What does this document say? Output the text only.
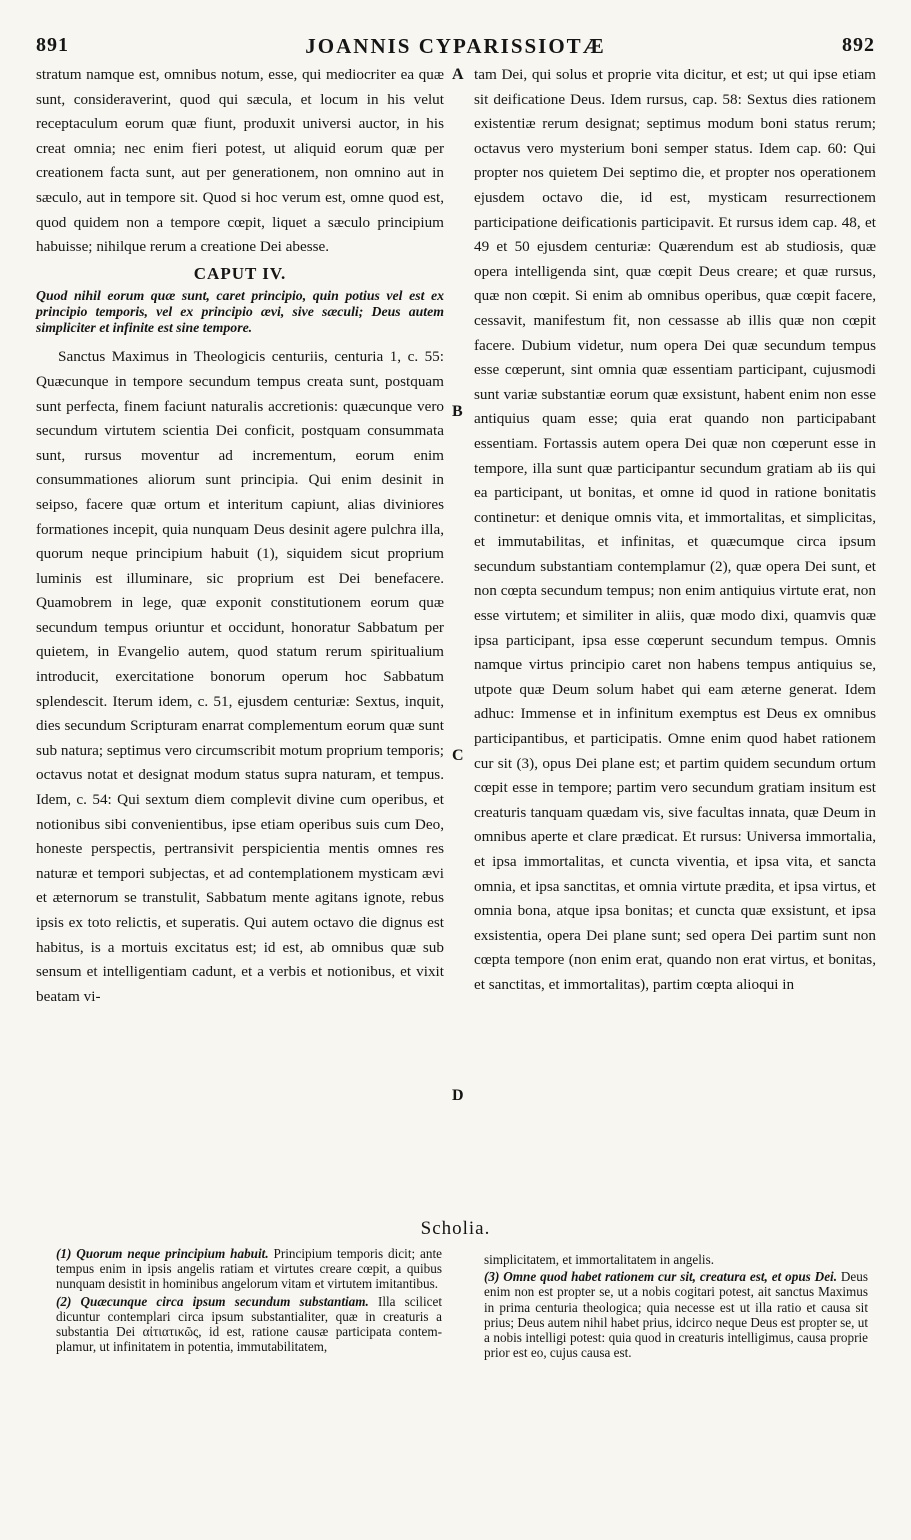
891	JOANNIS CYPARISSIOTÆ	892

stratum namque est, omnibus notum, esse, qui mediocriter ea quæ sunt, consideraverint, quod qui sæcula, et locum in his velut receptaculum eorum quæ fiunt, produxit universi auctor, in his creat omnia; nec enim fieri potest, ut aliquid eorum quæ per creationem facta sunt, aut per generationem, non omnino aut in sæculo, aut in tempore sit. Quod si hoc verum est, omne quod est, quod quidem non a tempore cœpit, liquet a sæculo principium habuisse; nihilque rerum a creatione Dei abesse.

CAPUT IV.

Quod nihil eorum quæ sunt, caret principio, quin potius vel est ex principio temporis, vel ex principio ævi, sive sæculi; Deus autem simpliciter et infinite est sine tempore.

Sanctus Maximus in Theologicis centuriis, centuria 1, c. 55: Quæcunque in tempore secundum tempus creata sunt, postquam sunt perfecta, finem faciunt naturalis accretionis: quæcunque vero secundum virtutem scientia Dei conficit, postquam consummata sunt, rursus moventur ad incrementum, eorum enim consummationes aliorum sunt principia. Qui enim desinit in seipso, facere quæ ortum et interitum capiunt, alias diviniores formationes incepit, quia nunquam Deus desinit agere pulchra illa, quorum neque principium habuit (1), siquidem sicut proprium luminis est illuminare, sic proprium est Dei benefacere. Quamobrem in lege, quæ exponit constitutionem eorum quæ secundum tempus oriuntur et occidunt, honoratur Sabbatum per quietem, in Evangelio autem, quod statum rerum spiritualium introducit, exercitatione bonorum operum hoc Sabbatum splendescit. Iterum idem, c. 51, ejusdem centuriæ: Sextus, inquit, dies secundum Scripturam enarrat complementum eorum quæ sunt sub natura; septimus vero circumscribit motum proprium temporis; octavus notat et designat modum status supra naturam, et tempus. Idem, c. 54: Qui sextum diem complevit divine cum operibus, et notionibus sibi convenientibus, ipse etiam operibus suis cum Deo, honeste perspectis, pertransivit perspicientia mentis omnes res naturæ et tempori subjectas, et ad contemplationem mysticam ævi et æternorum se transtulit, Sabbatum mente agitans ignote, rebus ipsis ex toto relictis, et superatis. Qui autem octavo die dignus est habitus, is a mortuis excitatus est; id est, ab omnibus quæ sub sensum et intelligentiam cadunt, et a verbis et notionibus, et vixit beatam vi-

tam Dei, qui solus et proprie vita dicitur, et est; ut qui ipse etiam sit deificatione Deus. Idem rursus, cap. 58: Sextus dies rationem existentiæ rerum designat; septimus modum boni status rerum; octavus vero mysterium boni semper status. Idem cap. 60: Qui propter nos quietem Dei septimo die, et propter nos operationem ejusdem octavo die, id est, mysticam resurrectionem participatione deificationis participavit. Et rursus idem cap. 48, et 49 et 50 ejusdem centuriæ: Quærendum est ab studiosis, quæ opera intelligenda sint, quæ cœpit Deus creare; et quæ rursus, quæ non cœpit. Si enim ab omnibus operibus, quæ cœpit facere, cessavit, manifestum fit, non cessasse ab illis quæ non cœpit facere. Dubium videtur, num opera Dei quæ secundum tempus esse cœperunt, sint omnia quæ essentiam participant, cujusmodi sunt variæ substantiæ eorum quæ exsistunt, habent enim non esse antiquius quam esse; quia erat quando non participabant essentiam. Fortassis autem opera Dei quæ non cœperunt esse in tempore, illa sunt quæ participantur secundum gratiam ab iis qui ea participant, ut bonitas, et omne id quod in ratione bonitatis continetur: et denique omnis vita, et immortalitas, et simplicitas, et immutabilitas, et infinitas, et quæcumque circa ipsum secundum substantiam contemplamur (2), quæ opera Dei sunt, et non cœpta secundum tempus; non enim antiquius virtute erat, non esse virtutem; et similiter in aliis, quæ modo dixi, quamvis quæ ipsa participant, ipsa esse cœperunt secundum tempus. Omnis namque virtus principio caret non habens tempus antiquius se, utpote quæ Deum solum habet qui eam æterne generat. Idem adhuc: Immense et in infinitum exemptus est Deus ex omnibus participantibus, et participatis. Omne enim quod habet rationem cur sit (3), opus Dei plane est; et partim quidem secundum ortum cœpit esse in tempore; partim vero secundum gratiam insitum est creaturis tanquam quædam vis, sive facultas innata, quæ Deum in omnibus aperte et clare prædicat. Et rursus: Universa immortalia, et ipsa immortalitas, et cuncta viventia, et ipsa vita, et sancta omnia, et ipsa sanctitas, et omnia virtute prædita, et ipsa virtus, et omnia bona, atque ipsa bonitas; et cuncta quæ exsistunt, et ipsa exsistentia, opera Dei plane sunt; sed opera Dei partim sunt non cœpta tempore (non enim erat, quando non erat virtus, et bonitas, et sanctitas, et immortalitas), partim cœpta alioqui in

A
B
C
D
Scholia.

(1) Quorum neque principium habuit. Principium temporis dicit; ante tempus enim in ipsis angelis ratiam et virtutes creare cœpit, a quibus nunquam desistit in hominibus angelorum vitam et virtutem imitantibus.

(2) Quæcunque circa ipsum secundum substantiam. Illa scilicet dicuntur contemplari circa ipsum substantialiter, quæ in creaturis a substantia Dei αἰτιατικῶς, id est, ratione causæ participata contemplamur, ut infinitatem in potentia, immutabilitatem,

simplicitatem, et immortalitatem in angelis.

(3) Omne quod habet rationem cur sit, creatura est, et opus Dei. Deus enim non est propter se, ut a nobis cogitari potest, ait sanctus Maximus in prima centuria theologica; quia necesse est ut illa ratio et causa sit prius; Deus autem nihil habet prius, idcirco neque Deus est propter se, ut a nobis intelligi potest: quia quod in creaturis intelligimus, causa proprie prior est eo, cujus causa est.
